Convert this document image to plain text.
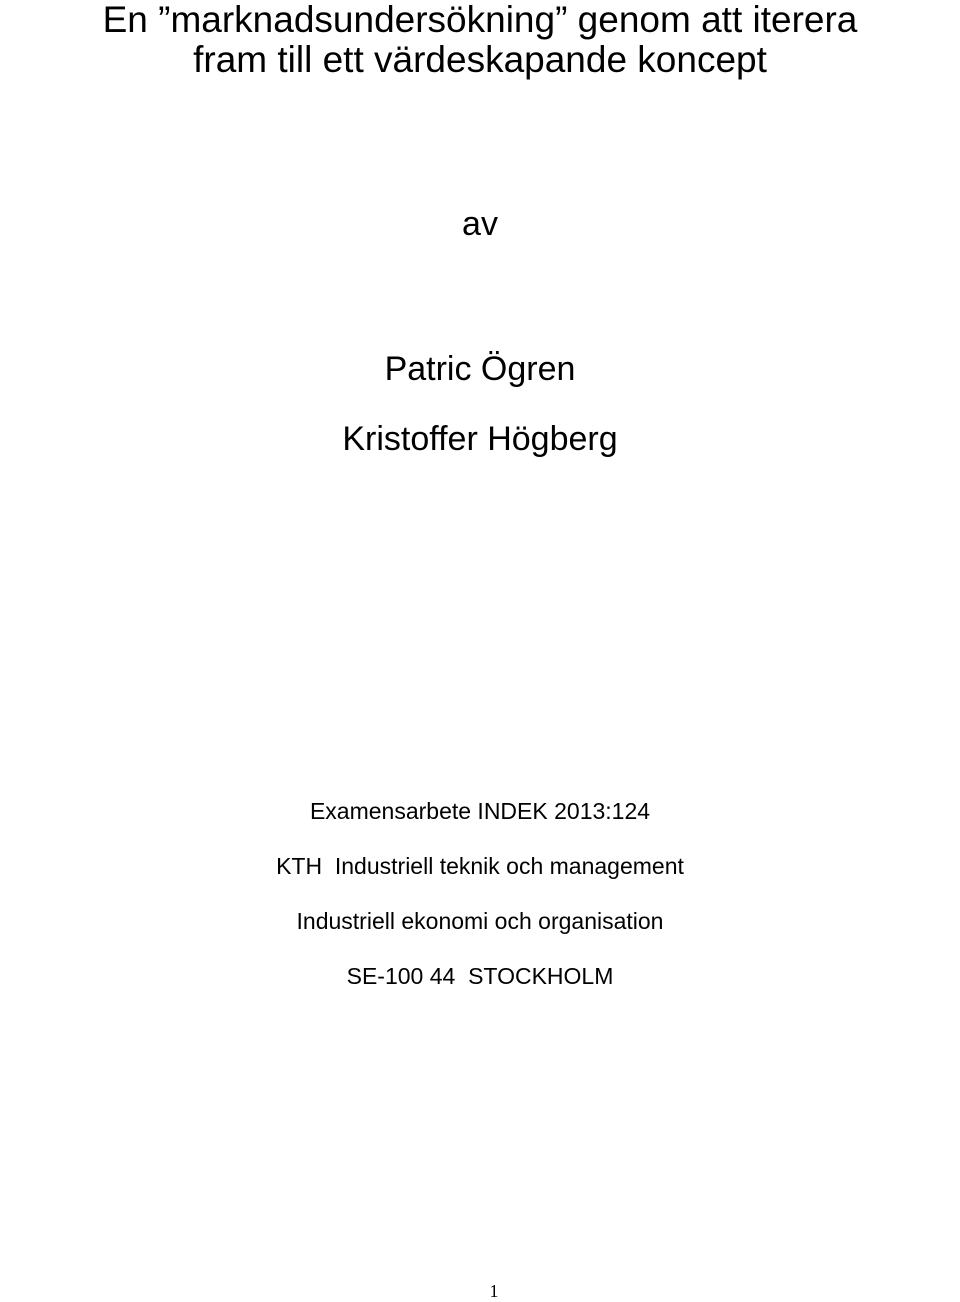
En ”marknadsundersökning” genom att iterera
fram till ett värdeskapande koncept
av
Patric Ögren
Kristoffer Högberg
Examensarbete INDEK 2013:124
KTH  Industriell teknik och management
Industriell ekonomi och organisation
SE-100 44  STOCKHOLM
1
